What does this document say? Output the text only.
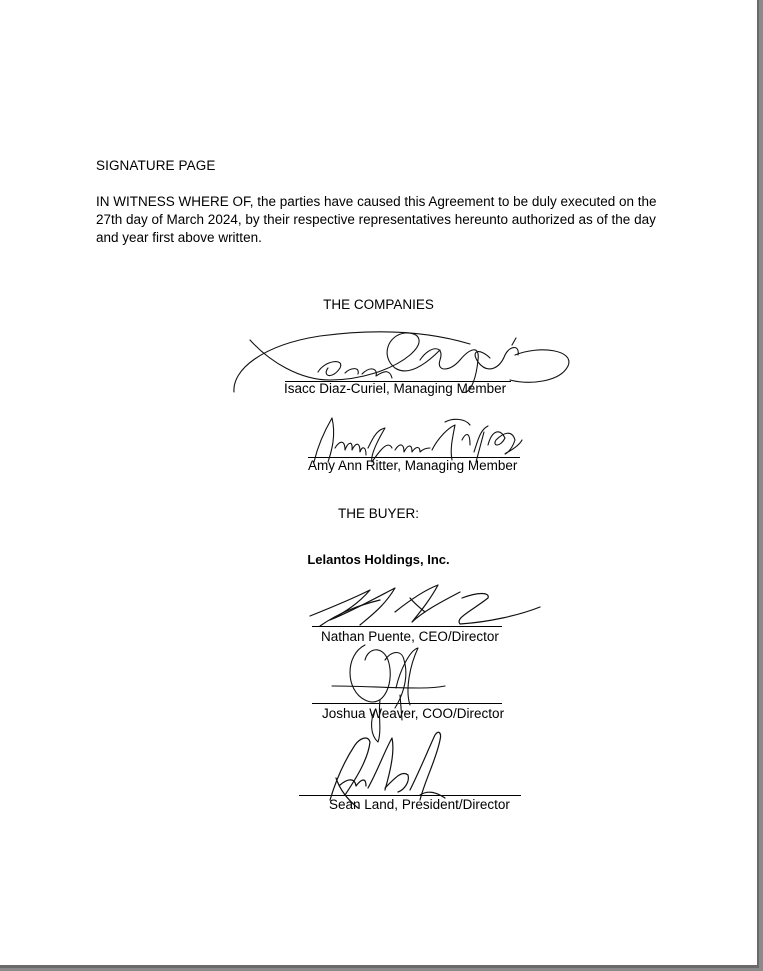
SIGNATURE PAGE
IN WITNESS WHERE OF, the parties have caused this Agreement to be duly executed on the 27th day of March 2024, by their respective representatives hereunto authorized as of the day and year first above written.
THE COMPANIES
Isacc Diaz-Curiel, Managing Member
Amy Ann Ritter, Managing Member
THE BUYER:
Lelantos Holdings, Inc.
Nathan Puente, CEO/Director
Joshua Weaver, COO/Director
Sean Land, President/Director
